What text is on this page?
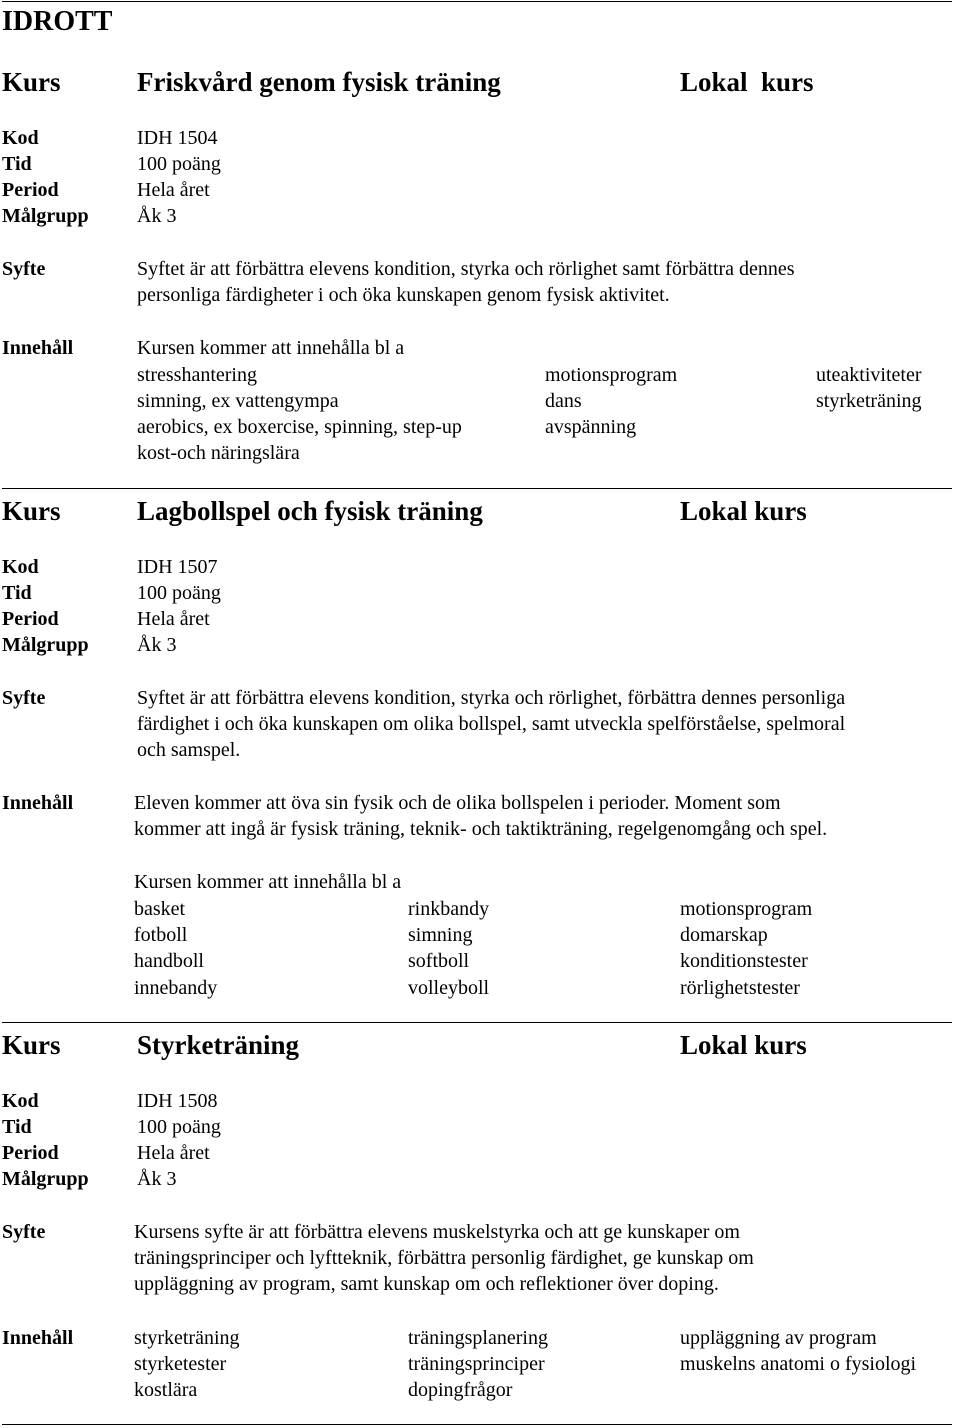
IDROTT
Kurs	Friskvård genom fysisk träning	Lokal  kurs
Kod	IDH 1504
Tid	100 poäng
Period	Hela året
Målgrupp Åk 3
Syfte	Syftet är att förbättra elevens kondition, styrka och rörlighet samt förbättra dennes
personliga färdigheter i och öka kunskapen genom fysisk aktivitet.
Innehåll	Kursen kommer att innehålla bl a
stresshantering	motionsprogram	uteaktiviteter
simning, ex vattengympa	dans	styrketräning
aerobics, ex boxercise, spinning, step-up	avspänning
kost-och näringslära
Kurs	Lagbollspel och fysisk träning	Lokal kurs
Kod	IDH 1507
Tid	100 poäng
Period	Hela året
Målgrupp Åk 3
Syfte	Syftet är att förbättra elevens kondition, styrka och rörlighet, förbättra dennes personliga
färdighet i och öka kunskapen om olika bollspel, samt utveckla spelförståelse, spelmoral
och samspel.
Innehåll	Eleven kommer att öva sin fysik och de olika bollspelen i perioder. Moment som
kommer att ingå är fysisk träning, teknik- och taktikträning, regelgenomgång och spel.
Kursen kommer att innehålla bl a
basket	rinkbandy	motionsprogram
fotboll	simning	domarskap
handboll	softboll	konditionstester
innebandy	volleyboll	rörlighetstester
Kurs	Styrketräning	Lokal kurs
Kod	IDH 1508
Tid	100 poäng
Period	Hela året
Målgrupp Åk 3
Syfte	Kursens syfte är att förbättra elevens muskelstyrka och att ge kunskaper om
träningsprinciper och lyftteknik, förbättra personlig färdighet, ge kunskap om
uppläggning av program, samt kunskap om och reflektioner över doping.
Innehåll	styrketräning	träningsplanering	uppläggning av program
styrketester	träningsprinciper	muskelns anatomi o fysiologi
kostlära	dopingfrågor
